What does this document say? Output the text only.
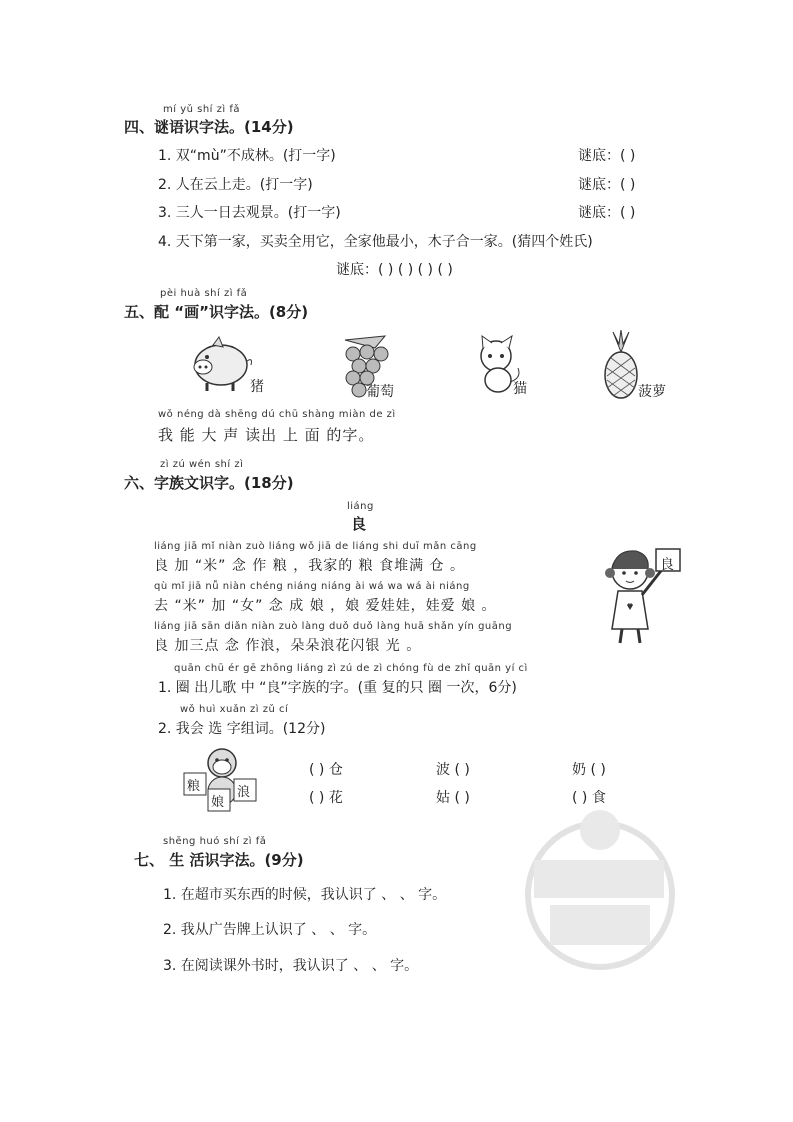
mí yǔ shí zì fǎ
四、谜语识字法。(14分)
1. 双“mù”不成林。(打一字)	谜底：( )
2. 人在云上走。(打一字)	谜底：( )
3. 三人一日去观景。(打一字)	谜底：( )
4. 天下第一家，买卖全用它，全家他最小，木子合一家。(猜四个姓氏)
谜底：( ) ( ) ( ) ( )
pèi huà shí zì fǎ
五、配 “画”识字法。(8分)
猪	葡萄	猫	菠萝
wǒ néng dà shēng dú chū shàng miàn de zì
我 能 大 声 读出 上 面 的字。
zì zú wén shí zì
六、字族文识字。(18分)
liáng
良
liáng jiā mǐ niàn zuò liáng wǒ jiā de liáng shi duī mǎn cāng
良 加 “米” 念 作 粮 ，我家的 粮 食堆满 仓 。
qù mǐ jiā nǚ niàn chéng niáng niáng ài wá wa wá ài niáng
去 “米” 加 “女” 念 成 娘 ，娘 爱娃娃，娃爱 娘 。
liáng jiā sān diǎn niàn zuò làng duǒ duǒ làng huā shǎn yín guāng
良 加三点 念 作浪，朵朵浪花闪银 光 。
良
quān chū ér gē zhōng liáng zì zú de zì chóng fù de zhǐ quān yí cì
1. 圈 出儿歌 中 “良”字族的字。(重 复的只 圈 一次，6分)
wǒ huì xuǎn zì zǔ cí
2. 我会 选 字组词。(12分)
粮
娘
浪
( ) 仓	波 ( )	奶 ( )
( ) 花	姑 ( )	( ) 食
shēng huó shí zì fǎ
七、 生 活识字法。(9分)
1. 在超市买东西的时候，我认识了 、 、 字。
2. 我从广告牌上认识了 、 、 字。
3. 在阅读课外书时，我认识了 、 、 字。
